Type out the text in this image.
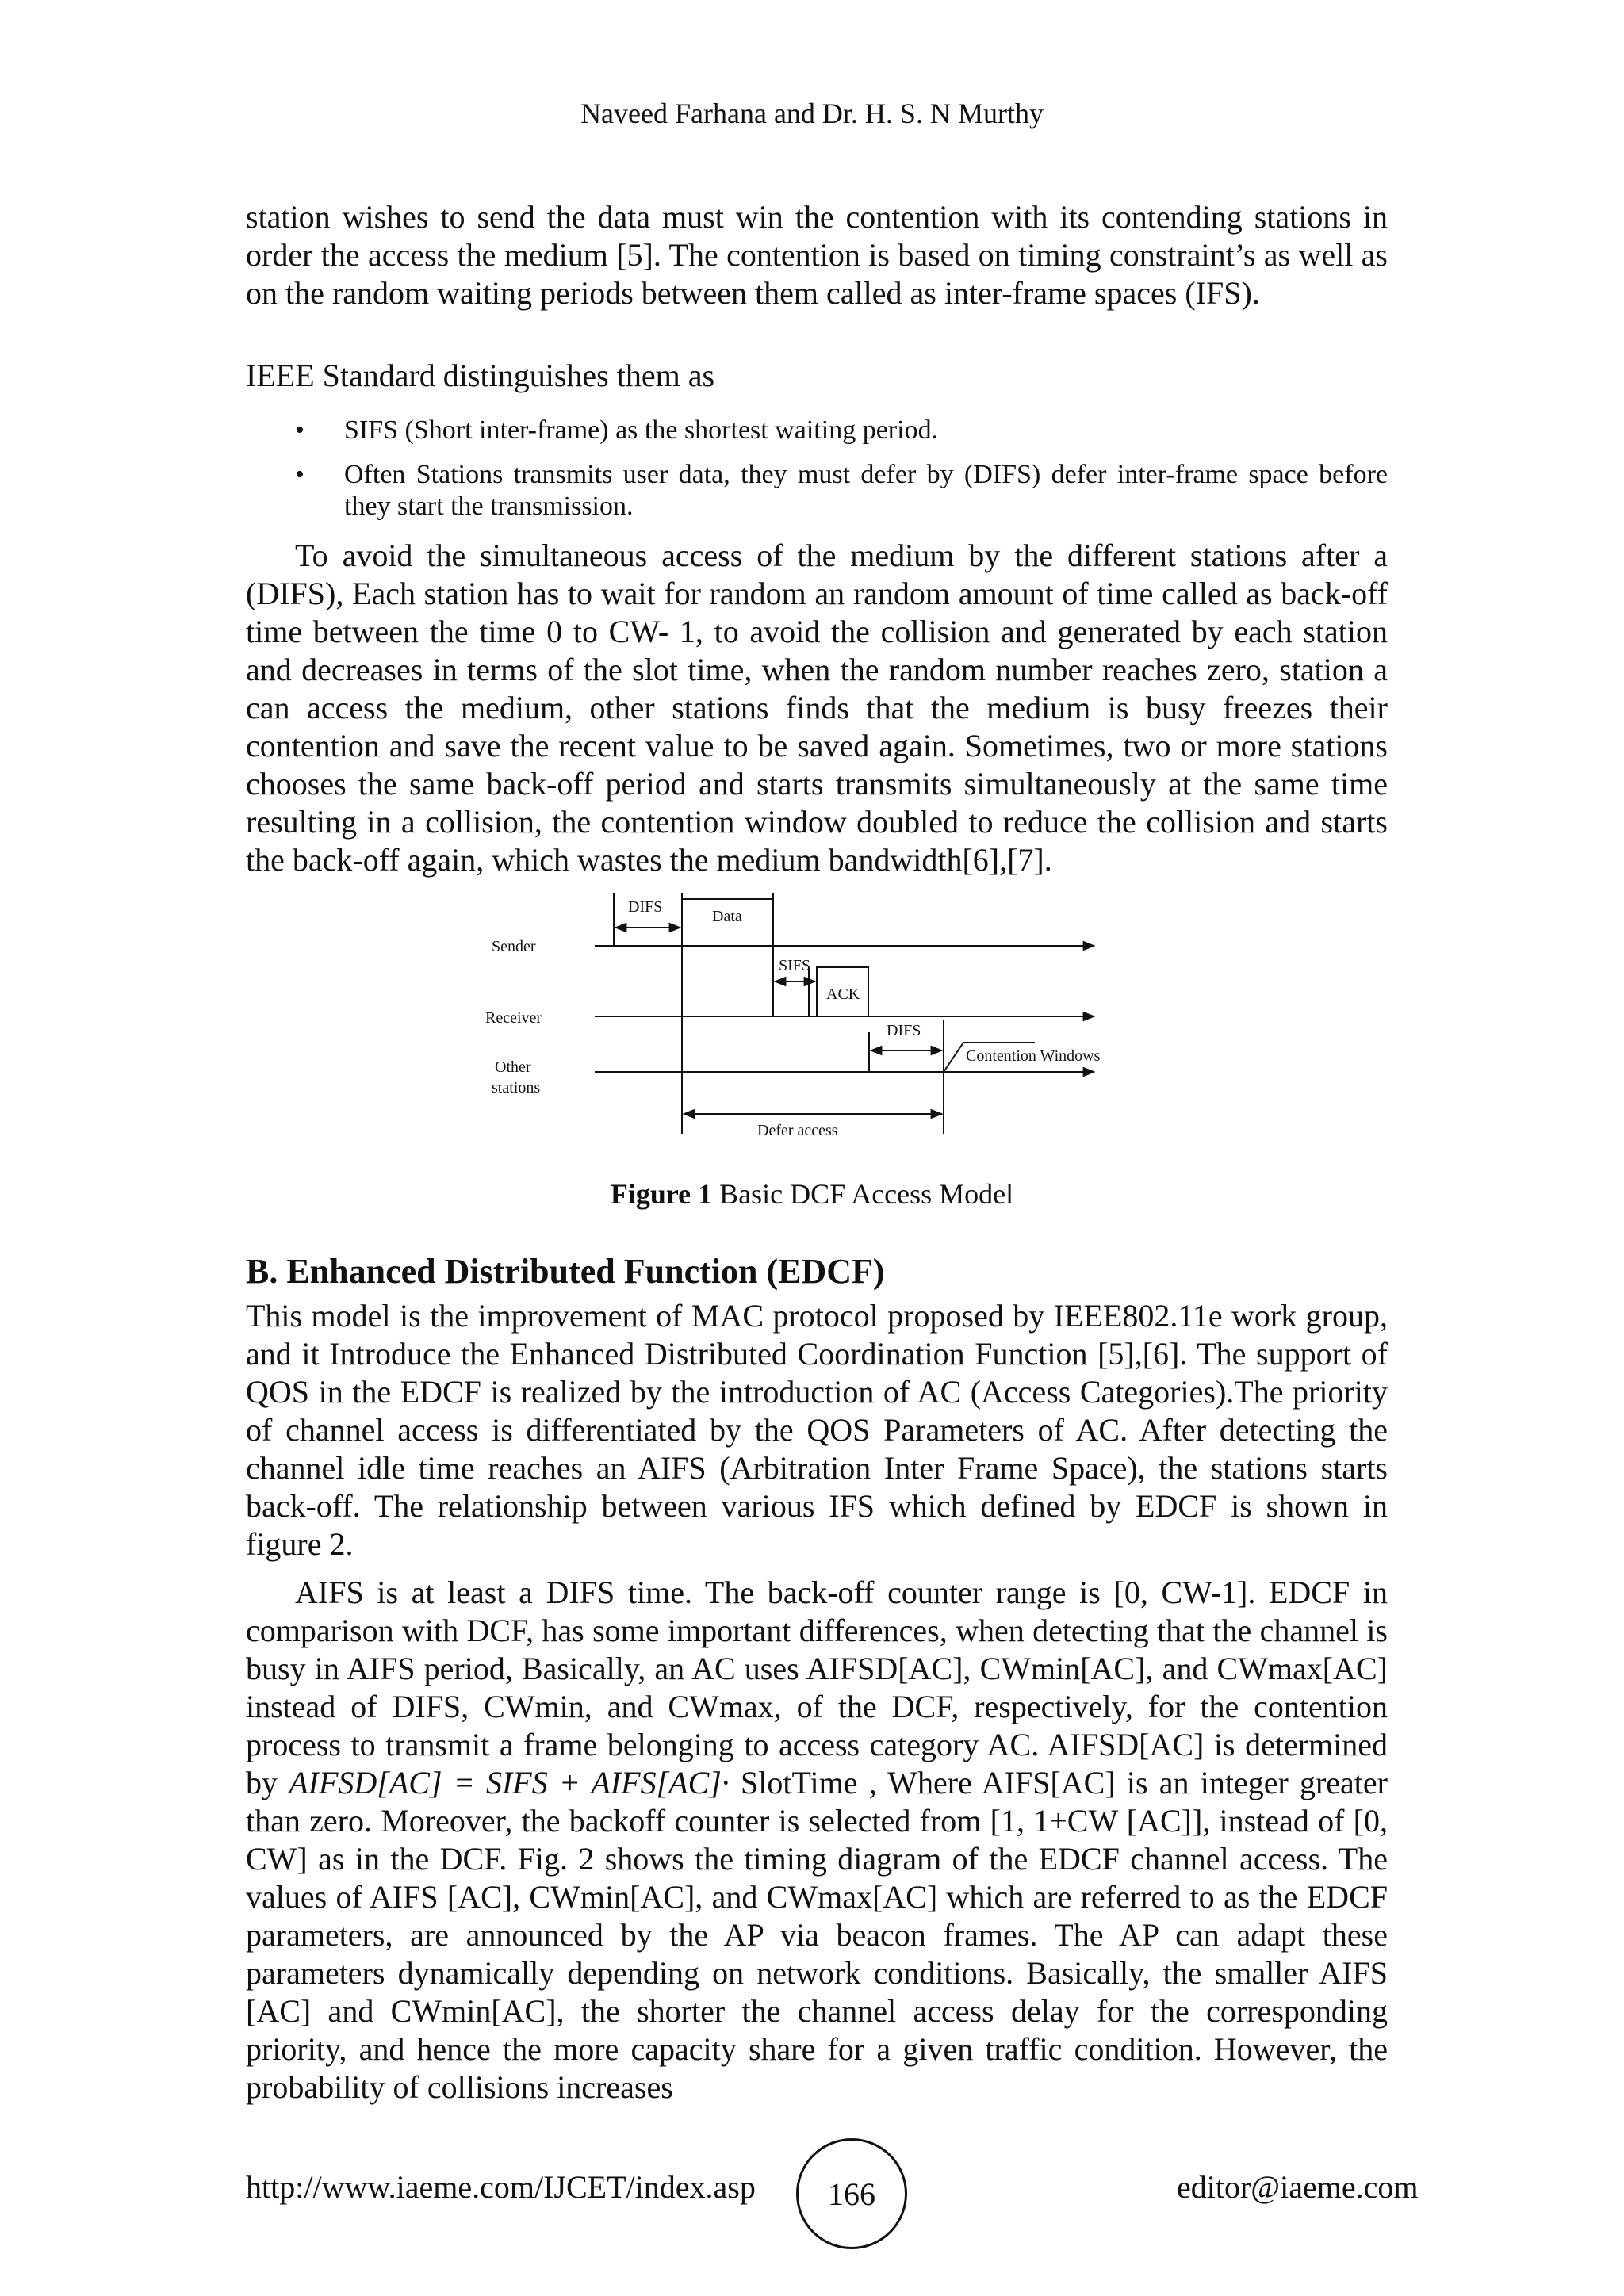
Naveed Farhana and Dr. H. S. N Murthy

station wishes to send the data must win the contention with its contending stations in order the access the medium [5]. The contention is based on timing constraint’s as well as on the random waiting periods between them called as inter-frame spaces (IFS).

IEEE Standard distinguishes them as
• SIFS (Short inter-frame) as the shortest waiting period.
• Often Stations transmits user data, they must defer by (DIFS) defer inter-frame space before they start the transmission.

To avoid the simultaneous access of the medium by the different stations after a (DIFS), Each station has to wait for random an random amount of time called as back-off time between the time 0 to CW- 1, to avoid the collision and generated by each station and decreases in terms of the slot time, when the random number reaches zero, station a can access the medium, other stations finds that the medium is busy freezes their contention and save the recent value to be saved again. Sometimes, two or more stations chooses the same back-off period and starts transmits simultaneously at the same time resulting in a collision, the contention window doubled to reduce the collision and starts the back-off again, which wastes the medium bandwidth[6],[7].

Sender
Receiver
Other
stations
DIFS
Data
SIFS
ACK
DIFS
Contention Windows
Defer access
Figure 1 Basic DCF Access Model
B. Enhanced Distributed Function (EDCF)

This model is the improvement of MAC protocol proposed by IEEE802.11e work group, and it Introduce the Enhanced Distributed Coordination Function [5],[6]. The support of QOS in the EDCF is realized by the introduction of AC (Access Categories).The priority of channel access is differentiated by the QOS Parameters of AC. After detecting the channel idle time reaches an AIFS (Arbitration Inter Frame Space), the stations starts back-off. The relationship between various IFS which defined by EDCF is shown in figure 2.

AIFS is at least a DIFS time. The back-off counter range is [0, CW-1]. EDCF in comparison with DCF, has some important differences, when detecting that the channel is busy in AIFS period, Basically, an AC uses AIFSD[AC], CWmin[AC], and CWmax[AC] instead of DIFS, CWmin, and CWmax, of the DCF, respectively, for the contention process to transmit a frame belonging to access category AC. AIFSD[AC] is determined by AIFSD[AC] = SIFS + AIFS[AC]· SlotTime , Where AIFS[AC] is an integer greater than zero. Moreover, the backoff counter is selected from [1, 1+CW [AC]], instead of [0, CW] as in the DCF. Fig. 2 shows the timing diagram of the EDCF channel access. The values of AIFS [AC], CWmin[AC], and CWmax[AC] which are referred to as the EDCF parameters, are announced by the AP via beacon frames. The AP can adapt these parameters dynamically depending on network conditions. Basically, the smaller AIFS [AC] and CWmin[AC], the shorter the channel access delay for the corresponding priority, and hence the more capacity share for a given traffic condition. However, the probability of collisions increases

http://www.iaeme.com/IJCET/index.asp	166	editor@iaeme.com
